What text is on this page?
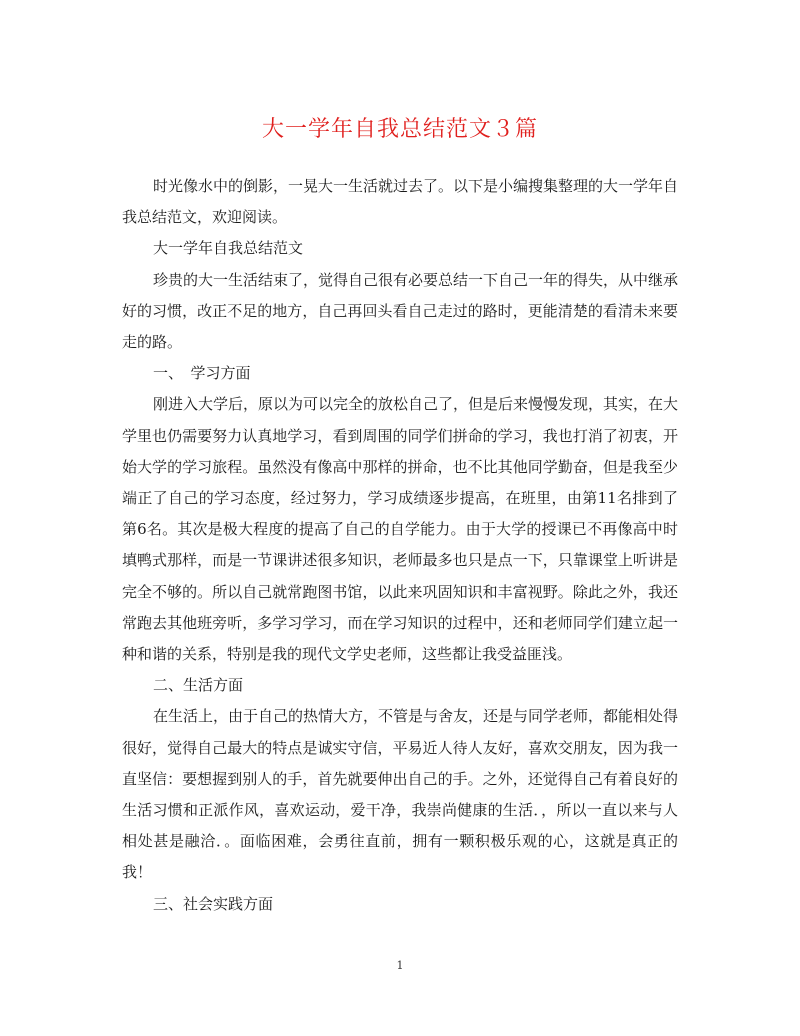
大一学年自我总结范文３篇

时光像水中的倒影，一晃大一生活就过去了。以下是小编搜集整理的大一学年自我总结范文，欢迎阅读。

大一学年自我总结范文

珍贵的大一生活结束了，觉得自己很有必要总结一下自己一年的得失，从中继承好的习惯，改正不足的地方，自己再回头看自己走过的路时，更能清楚的看清未来要走的路。

一、　学习方面

刚进入大学后，原以为可以完全的放松自己了，但是后来慢慢发现，其实，在大学里也仍需要努力认真地学习，看到周围的同学们拼命的学习，我也打消了初衷，开始大学的学习旅程。虽然没有像高中那样的拼命，也不比其他同学勤奋，但是我至少端正了自己的学习态度，经过努力，学习成绩逐步提高，在班里，由第11名排到了第6名。其次是极大程度的提高了自己的自学能力。由于大学的授课已不再像高中时填鸭式那样，而是一节课讲述很多知识，老师最多也只是点一下，只靠课堂上听讲是完全不够的。所以自己就常跑图书馆，以此来巩固知识和丰富视野。除此之外，我还常跑去其他班旁听，多学习学习，而在学习知识的过程中，还和老师同学们建立起一种和谐的关系，特别是我的现代文学史老师，这些都让我受益匪浅。

二、生活方面

在生活上，由于自己的热情大方，不管是与舍友，还是与同学老师，都能相处得很好，觉得自己最大的特点是诚实守信，平易近人待人友好，喜欢交朋友，因为我一直坚信：要想握到别人的手，首先就要伸出自己的手。之外，还觉得自己有着良好的生活习惯和正派作风，喜欢运动，爱干净，我崇尚健康的生活．，所以一直以来与人相处甚是融洽．。面临困难，会勇往直前，拥有一颗积极乐观的心，这就是真正的我！

三、社会实践方面

1
